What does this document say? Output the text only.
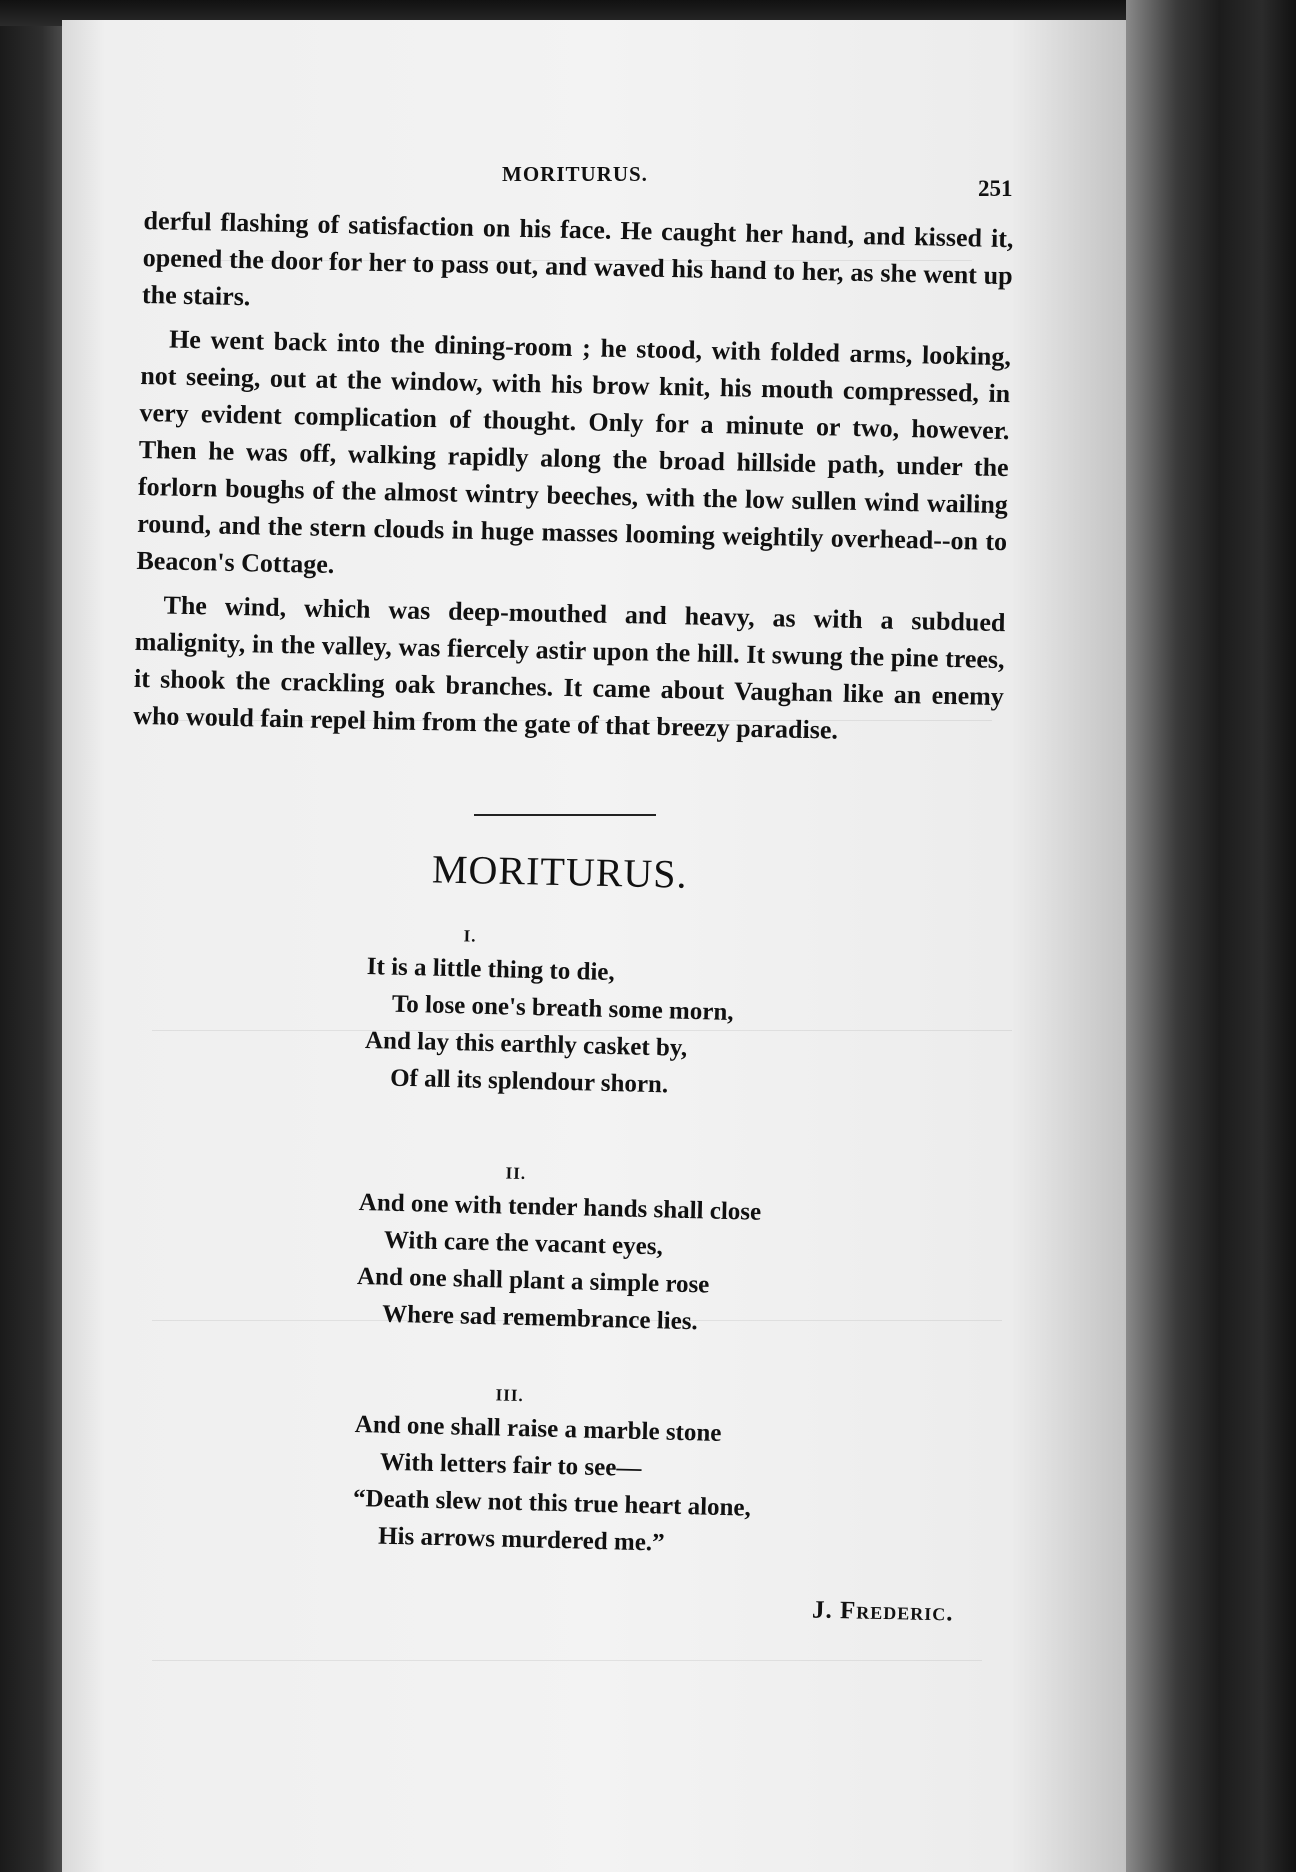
MORITURUS.
251

derful flashing of satisfaction on his face. He caught her hand, and kissed it, opened the door for her to pass out, and waved his hand to her, as she went up the stairs.

He went back into the dining-room ; he stood, with folded arms, looking, not seeing, out at the window, with his brow knit, his mouth compressed, in very evident complication of thought. Only for a minute or two, however. Then he was off, walking rapidly along the broad hillside path, under the forlorn boughs of the almost wintry beeches, with the low sullen wind wailing round, and the stern clouds in huge masses looming weightily overhead--on to Beacon's Cottage.

The wind, which was deep-mouthed and heavy, as with a subdued malignity, in the valley, was fiercely astir upon the hill. It swung the pine trees, it shook the crackling oak branches. It came about Vaughan like an enemy who would fain repel him from the gate of that breezy paradise.

MORITURUS.
I.
It is a little thing to die,
To lose one's breath some morn,
And lay this earthly casket by,
Of all its splendour shorn.
II.
And one with tender hands shall close
With care the vacant eyes,
And one shall plant a simple rose
Where sad remembrance lies.
III.
And one shall raise a marble stone
With letters fair to see—
“Death slew not this true heart alone,
His arrows murdered me.”
J. Frederic.
